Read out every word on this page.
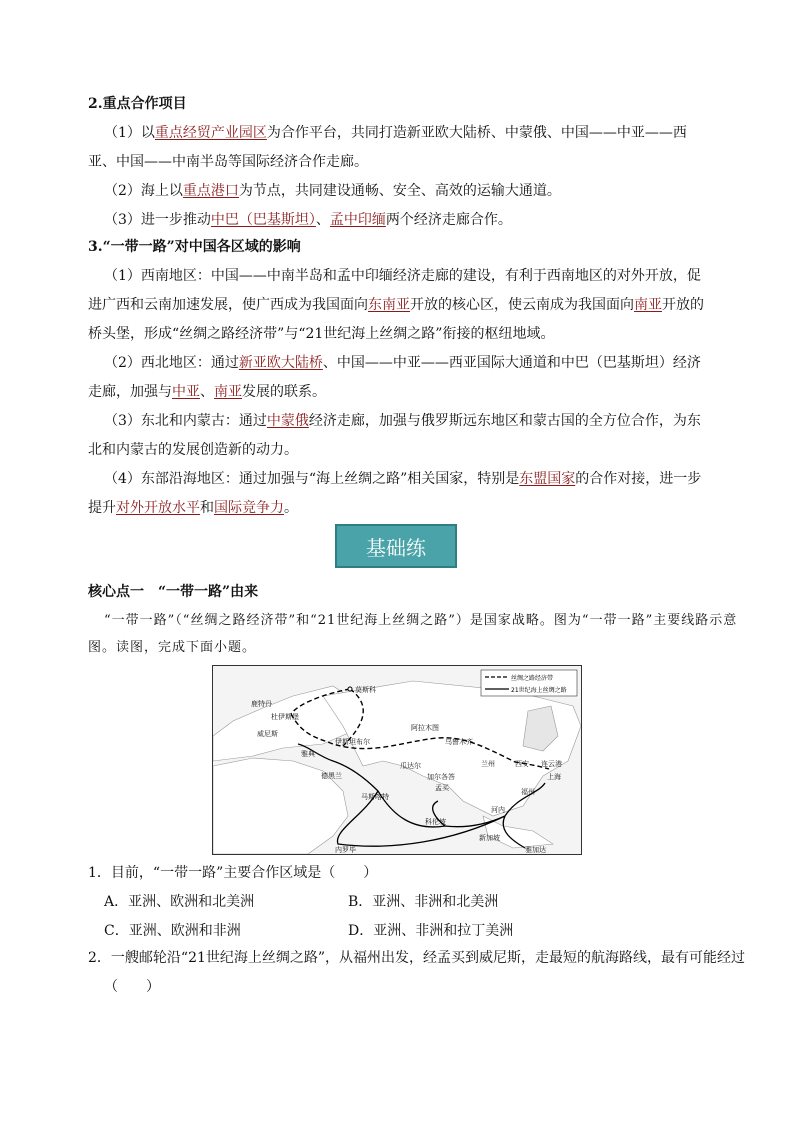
2.重点合作项目
（1）以重点经贸产业园区为合作平台，共同打造新亚欧大陆桥、中蒙俄、中国——中亚——西
亚、中国——中南半岛等国际经济合作走廊。
（2）海上以重点港口为节点，共同建设通畅、安全、高效的运输大通道。
（3）进一步推动中巴（巴基斯坦）、孟中印缅两个经济走廊合作。
3.“一带一路”对中国各区域的影响
（1）西南地区：中国——中南半岛和孟中印缅经济走廊的建设，有利于西南地区的对外开放，促
进广西和云南加速发展，使广西成为我国面向东南亚开放的核心区，使云南成为我国面向南亚开放的
桥头堡，形成“丝绸之路经济带”与“21世纪海上丝绸之路”衔接的枢纽地域。
（2）西北地区：通过新亚欧大陆桥、中国——中亚——西亚国际大通道和中巴（巴基斯坦）经济
走廊，加强与中亚、南亚发展的联系。
（3）东北和内蒙古：通过中蒙俄经济走廊，加强与俄罗斯远东地区和蒙古国的全方位合作，为东
北和内蒙古的发展创造新的动力。
（4）东部沿海地区：通过加强与“海上丝绸之路”相关国家，特别是东盟国家的合作对接，进一步
提升对外开放水平和国际竞争力。
基础练
核心点一　“一带一路”由来
“一带一路”（“丝绸之路经济带”和“21世纪海上丝绸之路”）是国家战略。图为“一带一路”主要线路示意
图。读图，完成下面小题。
丝绸之路经济带
21世纪海上丝绸之路
莫斯科
鹿特丹
杜伊斯堡
威尼斯
雅典
伊斯坦布尔
阿拉木图
乌鲁木齐
兰州	西安 连云港
上海
德黑兰
马斯喀特
瓜达尔
加尔各答
孟买	福州
河内
科伦坡
内罗毕
新加坡
雅加达
1．目前，“一带一路”主要合作区域是（　　）
A．亚洲、欧洲和北美洲	B．亚洲、非洲和北美洲
C．亚洲、欧洲和非洲	D．亚洲、非洲和拉丁美洲
2．一艘邮轮沿“21世纪海上丝绸之路”，从福州出发，经孟买到威尼斯，走最短的航海路线，最有可能经过
（　　）
